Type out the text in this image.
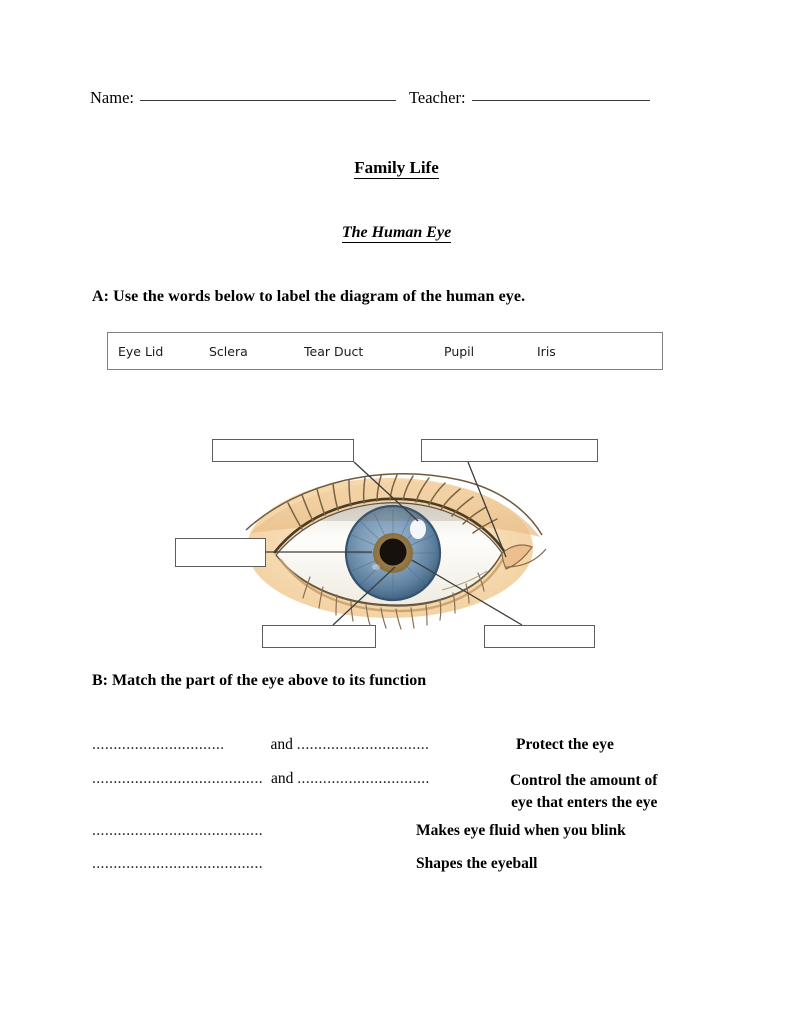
Name:	Teacher:
Family Life
The Human Eye
A: Use the words below to label the diagram of the human eye.
Eye Lid	Sclera	Tear Duct	Pupil	Iris
B: Match the part of the eye above to its function
...............................	and ...............................	Protect the eye
........................................ and ...............................	Control the amount of
eye that enters the eye
........................................	Makes eye fluid when you blink
........................................	Shapes the eyeball
